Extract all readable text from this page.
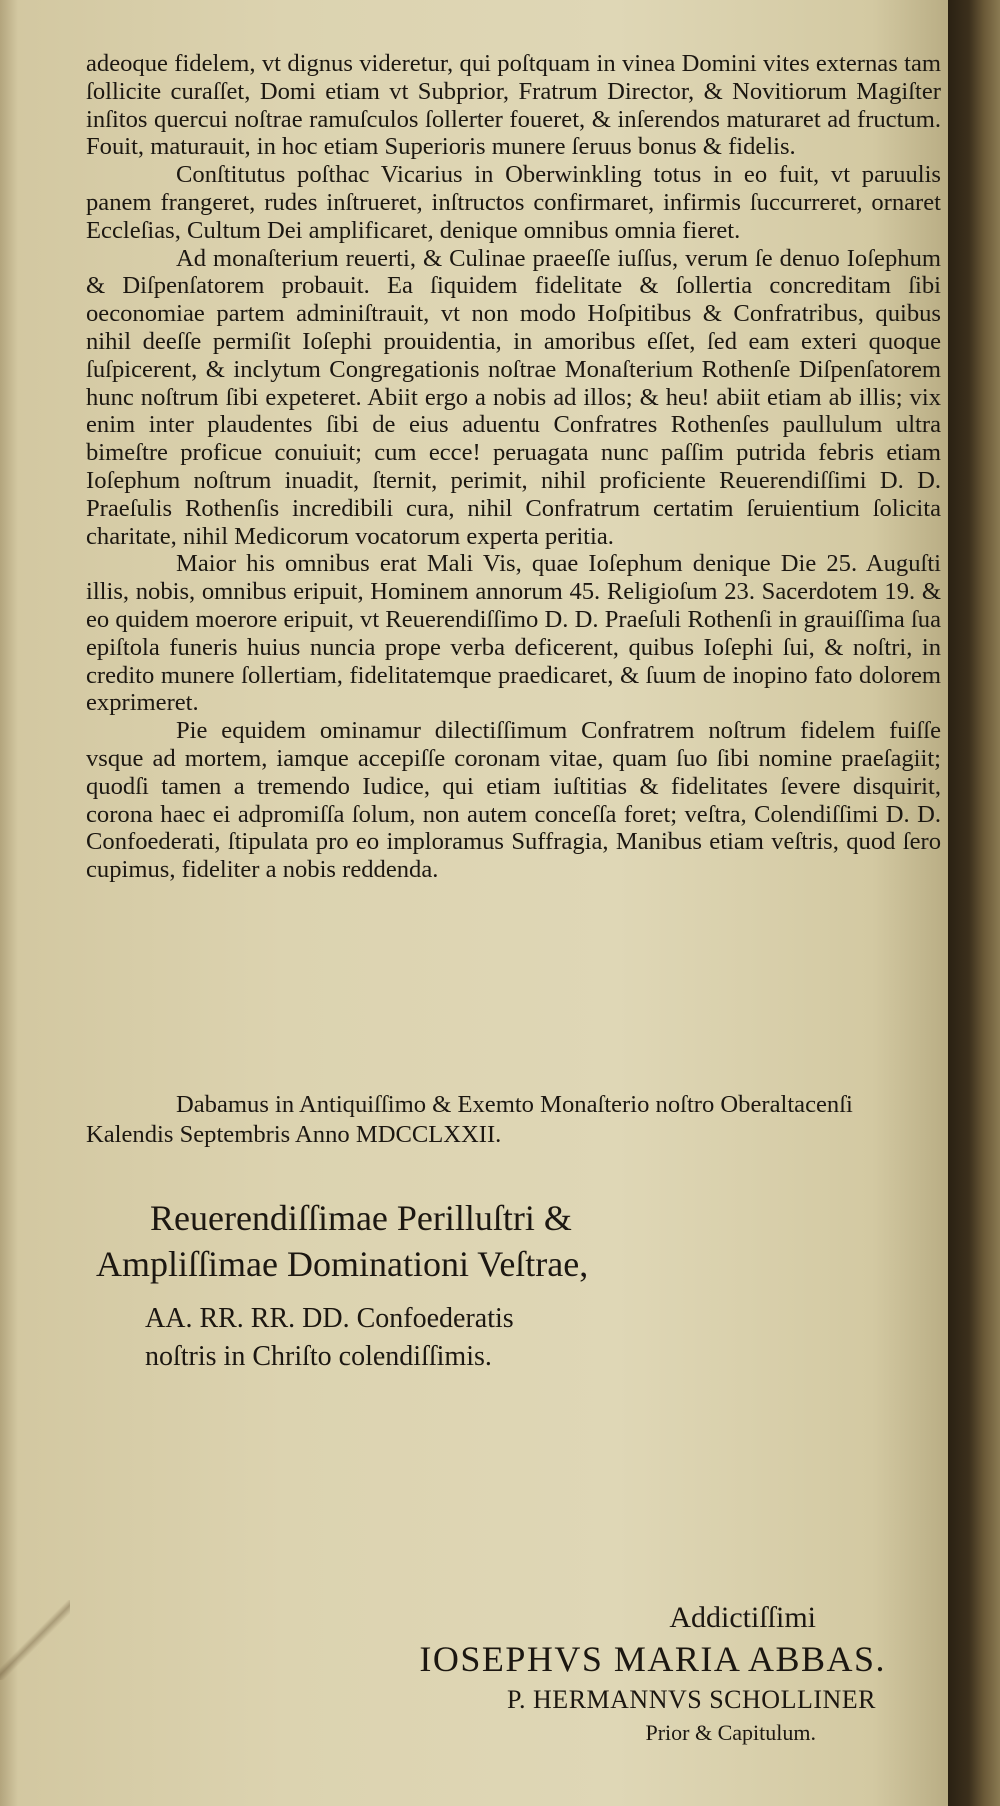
adeoque fidelem, vt dignus videretur, qui poſtquam in vinea Domini vites externas tam ſollicite curaſſet, Domi etiam vt Subprior, Fratrum Director, & Novitiorum Magiſter inſitos quercui noſtrae ramuſculos ſollerter foueret, & inſerendos maturaret ad fructum. Fouit, maturauit, in hoc etiam Superioris munere ſeruus bonus & fidelis.

Conſtitutus poſthac Vicarius in Oberwinkling totus in eo fuit, vt paruulis panem frangeret, rudes inſtrueret, inſtructos confirmaret, infirmis ſuccurreret, ornaret Eccleſias, Cultum Dei amplificaret, denique omnibus omnia fieret.

Ad monaſterium reuerti, & Culinae praeeſſe iuſſus, verum ſe denuo Ioſephum & Diſpenſatorem probauit. Ea ſiquidem fidelitate & ſollertia concreditam ſibi oeconomiae partem adminiſtrauit, vt non modo Hoſpitibus & Confratribus, quibus nihil deeſſe permiſit Ioſephi prouidentia, in amoribus eſſet, ſed eam exteri quoque ſuſpicerent, & inclytum Congregationis noſtrae Monaſterium Rothenſe Diſpenſatorem hunc noſtrum ſibi expeteret. Abiit ergo a nobis ad illos; & heu! abiit etiam ab illis; vix enim inter plaudentes ſibi de eius aduentu Confratres Rothenſes paullulum ultra bimeſtre proficue conuiuit; cum ecce! peruagata nunc paſſim putrida febris etiam Ioſephum noſtrum inuadit, ſternit, perimit, nihil proficiente Reuerendiſſimi D. D. Praeſulis Rothenſis incredibili cura, nihil Confratrum certatim ſeruientium ſolicita charitate, nihil Medicorum vocatorum experta peritia.

Maior his omnibus erat Mali Vis, quae Ioſephum denique Die 25. Auguſti illis, nobis, omnibus eripuit, Hominem annorum 45. Religioſum 23. Sacerdotem 19. & eo quidem moerore eripuit, vt Reuerendiſſimo D. D. Praeſuli Rothenſi in grauiſſima ſua epiſtola funeris huius nuncia prope verba deficerent, quibus Ioſephi ſui, & noſtri, in credito munere ſollertiam, fidelitatemque praedicaret, & ſuum de inopino fato dolorem exprimeret.

Pie equidem ominamur dilectiſſimum Confratrem noſtrum fidelem fuiſſe vsque ad mortem, iamque accepiſſe coronam vitae, quam ſuo ſibi nomine praeſagiit; quodſi tamen a tremendo Iudice, qui etiam iuſtitias & fidelitates ſevere disquirit, corona haec ei adpromiſſa ſolum, non autem conceſſa foret; veſtra, Colendiſſimi D. D. Confoederati, ſtipulata pro eo imploramus Suffragia, Manibus etiam veſtris, quod ſero cupimus, fideliter a nobis reddenda.

Dabamus in Antiquiſſimo & Exemto Monaſterio noſtro Oberaltacenſi Kalendis Septembris Anno MDCCLXXII.

Reuerendiſſimae Perilluſtri &

Ampliſſimae Dominationi Veſtrae,

AA. RR. RR. DD. Confoederatis

noſtris in Chriſto colendiſſimis.

Addictiſſimi

IOSEPHVS MARIA ABBAS.

P. HERMANNVS SCHOLLINER

Prior & Capitulum.
